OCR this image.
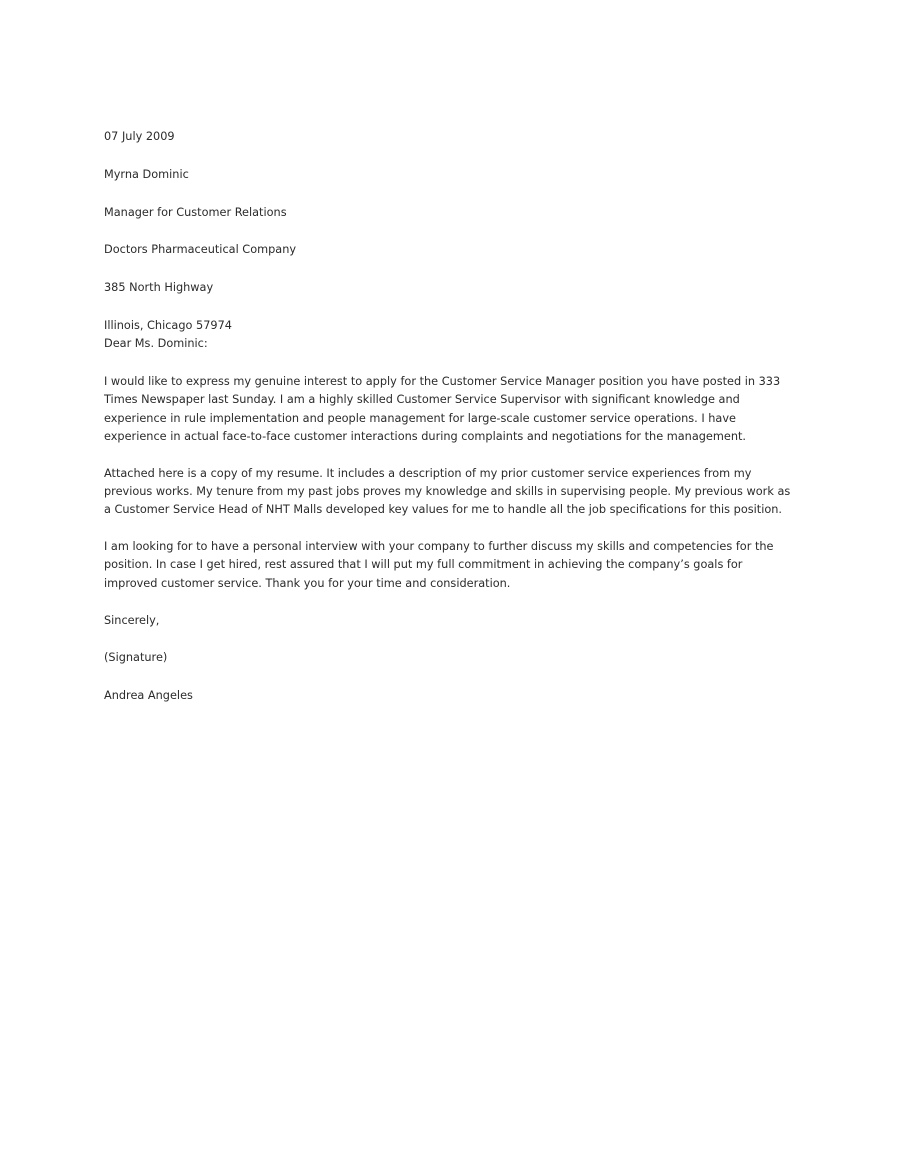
07 July 2009

Myrna Dominic

Manager for Customer Relations

Doctors Pharmaceutical Company

385 North Highway

Illinois, Chicago 57974

Dear Ms. Dominic:

I would like to express my genuine interest to apply for the Customer Service Manager position you have posted in 333 Times Newspaper last Sunday. I am a highly skilled Customer Service Supervisor with significant knowledge and experience in rule implementation and people management for large-scale customer service operations. I have experience in actual face-to-face customer interactions during complaints and negotiations for the management.

Attached here is a copy of my resume. It includes a description of my prior customer service experiences from my previous works. My tenure from my past jobs proves my knowledge and skills in supervising people. My previous work as a Customer Service Head of NHT Malls developed key values for me to handle all the job specifications for this position.

I am looking for to have a personal interview with your company to further discuss my skills and competencies for the position. In case I get hired, rest assured that I will put my full commitment in achieving the company’s goals for improved customer service. Thank you for your time and consideration.

Sincerely,

(Signature)

Andrea Angeles
